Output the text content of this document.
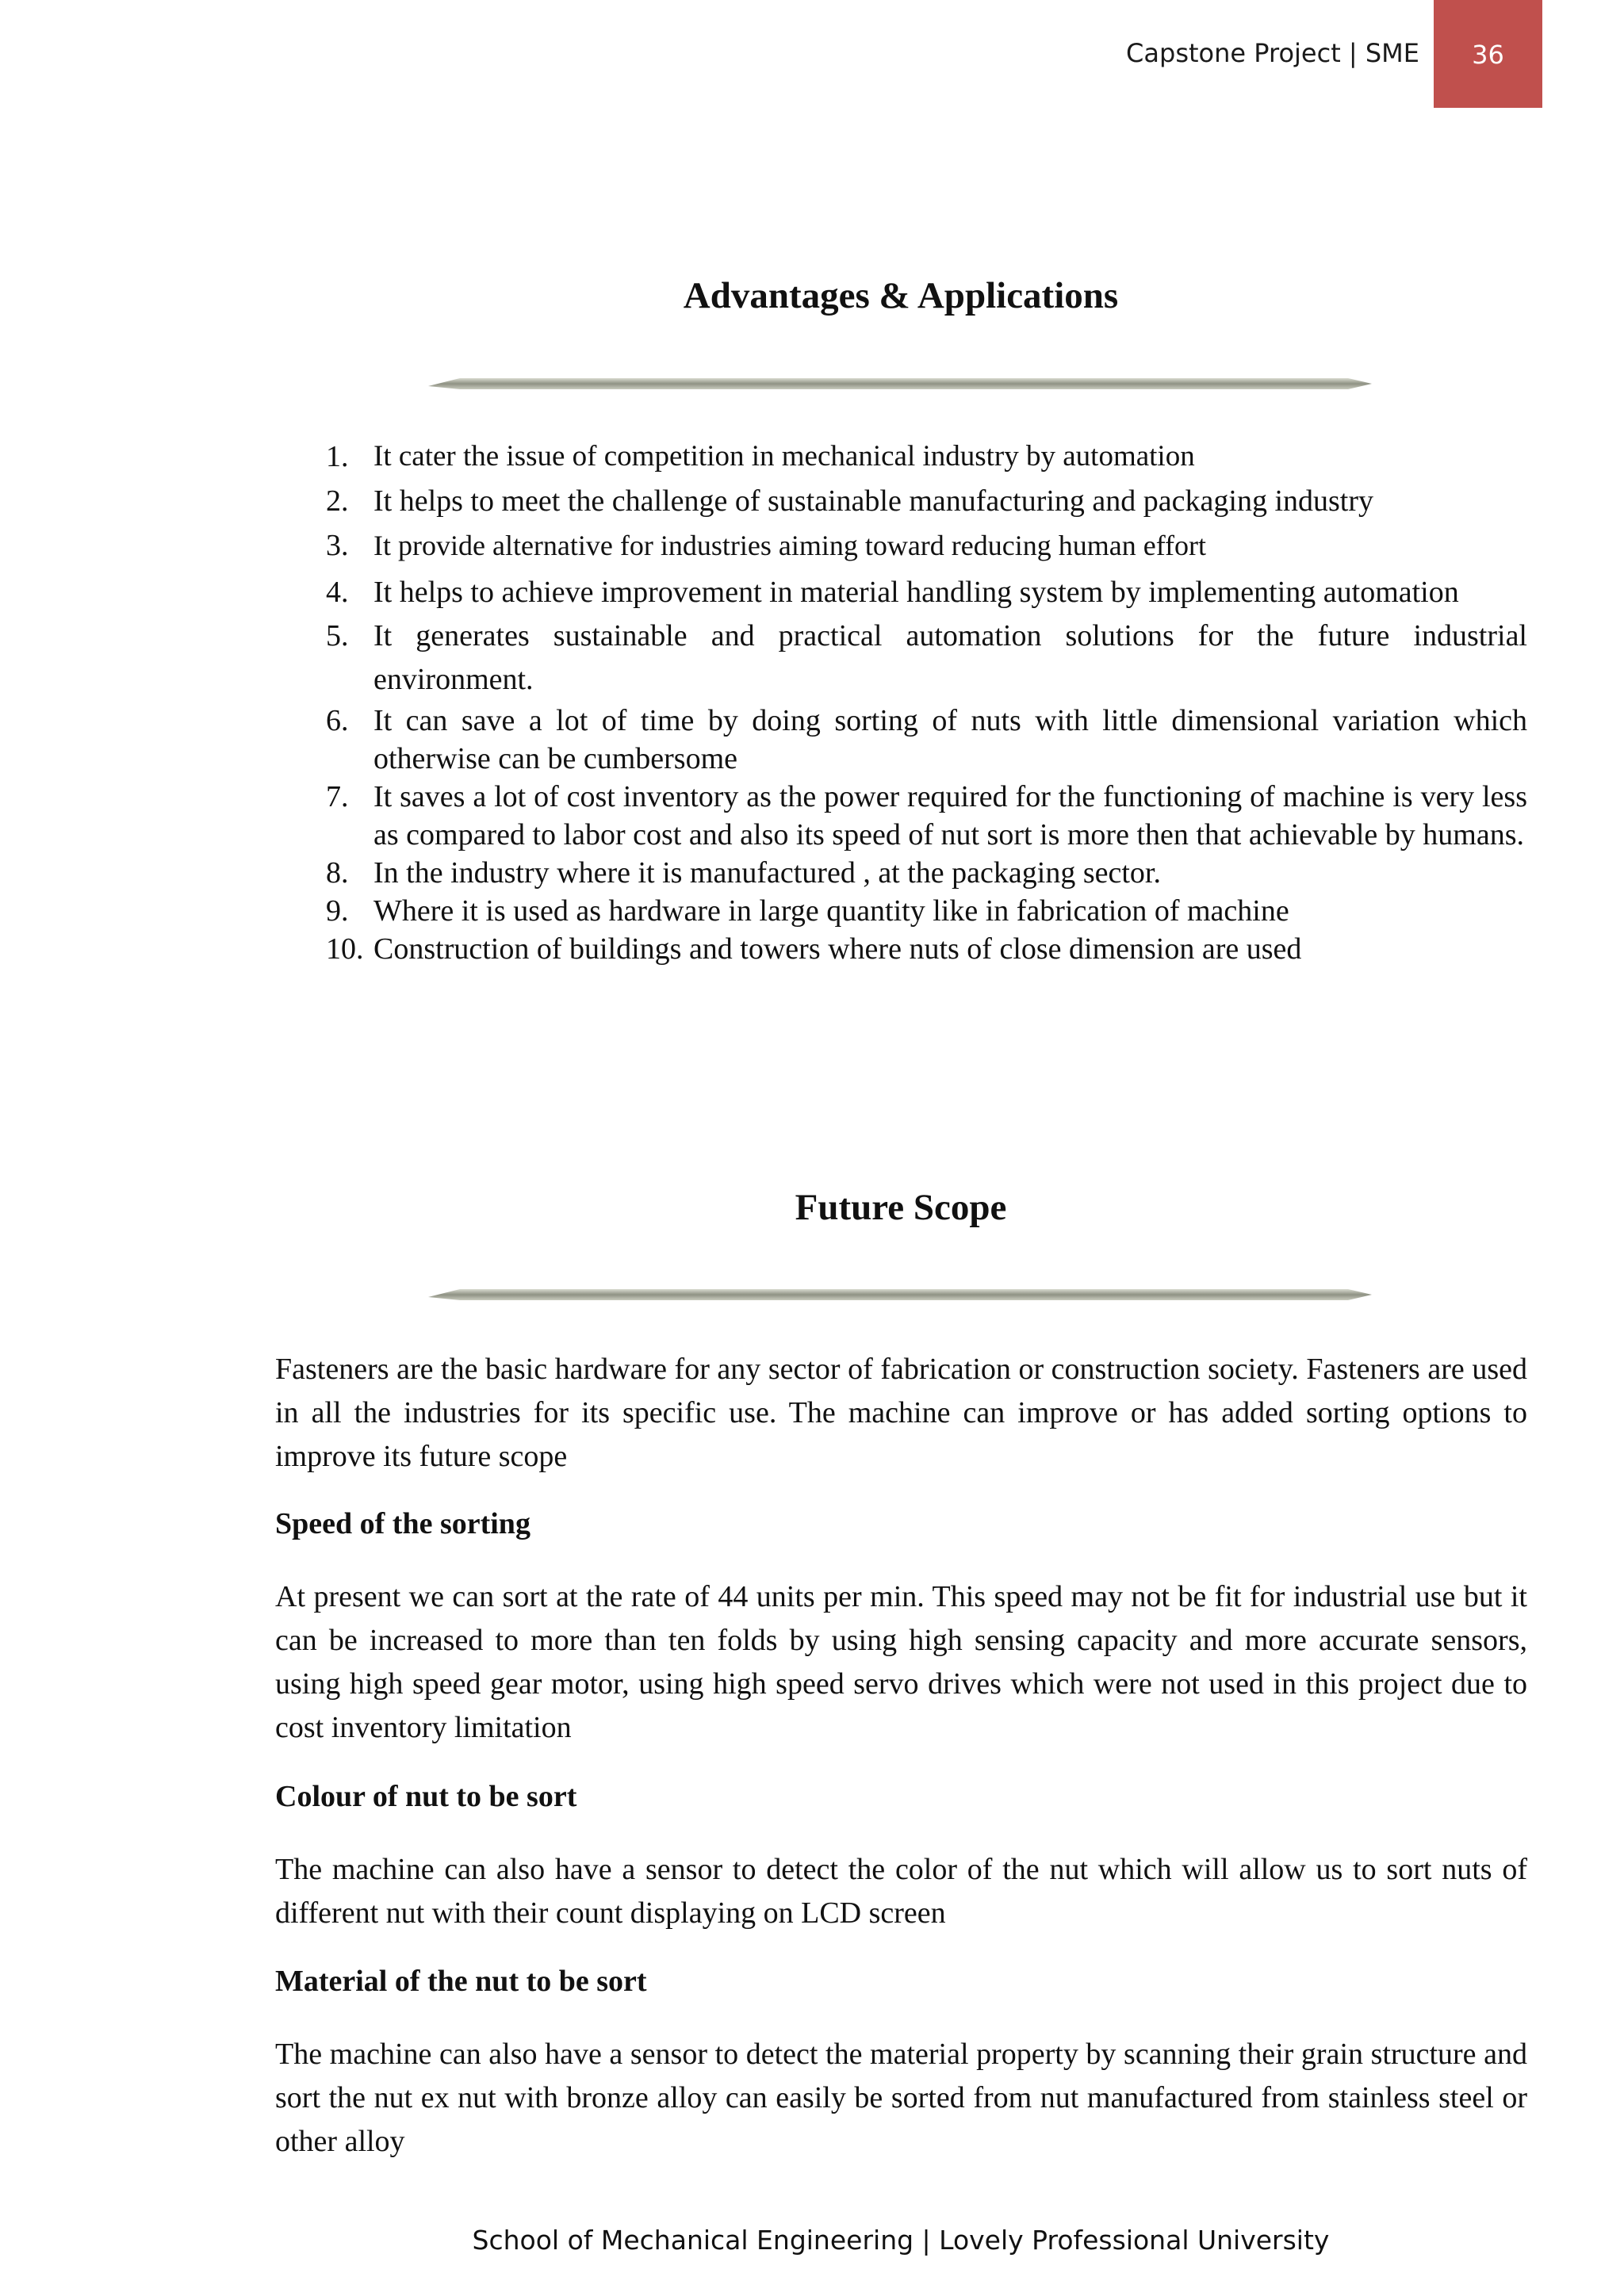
Capstone Project | SME 36
Advantages & Applications
1. It cater the issue of competition in mechanical industry by automation
2. It helps to meet the challenge of sustainable manufacturing and packaging industry
3. It provide alternative for industries aiming toward reducing human effort
4. It helps to achieve improvement in material handling system by implementing automation
5. It generates sustainable and practical automation solutions for the future industrial environment.
6. It can save a lot of time by doing sorting of nuts with little dimensional variation which otherwise can be cumbersome
7. It saves a lot of cost inventory as the power required for the functioning of machine is very less as compared to labor cost and also its speed of nut sort is more then that achievable by humans.
8. In the industry where it is manufactured , at the packaging sector.
9. Where it is used as hardware in large quantity like in fabrication of machine
10. Construction of buildings and towers where nuts of close dimension are used
Future Scope

Fasteners are the basic hardware for any sector of fabrication or construction society. Fasteners are used in all the industries for its specific use. The machine can improve or has added sorting options to improve its future scope

Speed of the sorting

At present we can sort at the rate of 44 units per min. This speed may not be fit for industrial use but it can be increased to more than ten folds by using high sensing capacity and more accurate sensors, using high speed gear motor, using high speed servo drives which were not used in this project due to cost inventory limitation

Colour of nut to be sort

The machine can also have a sensor to detect the color of the nut which will allow us to sort nuts of different nut with their count displaying on LCD screen

Material of the nut to be sort

The machine can also have a sensor to detect the material property by scanning their grain structure and sort the nut ex nut with bronze alloy can easily be sorted from nut manufactured from stainless steel or other alloy

School of Mechanical Engineering | Lovely Professional University
